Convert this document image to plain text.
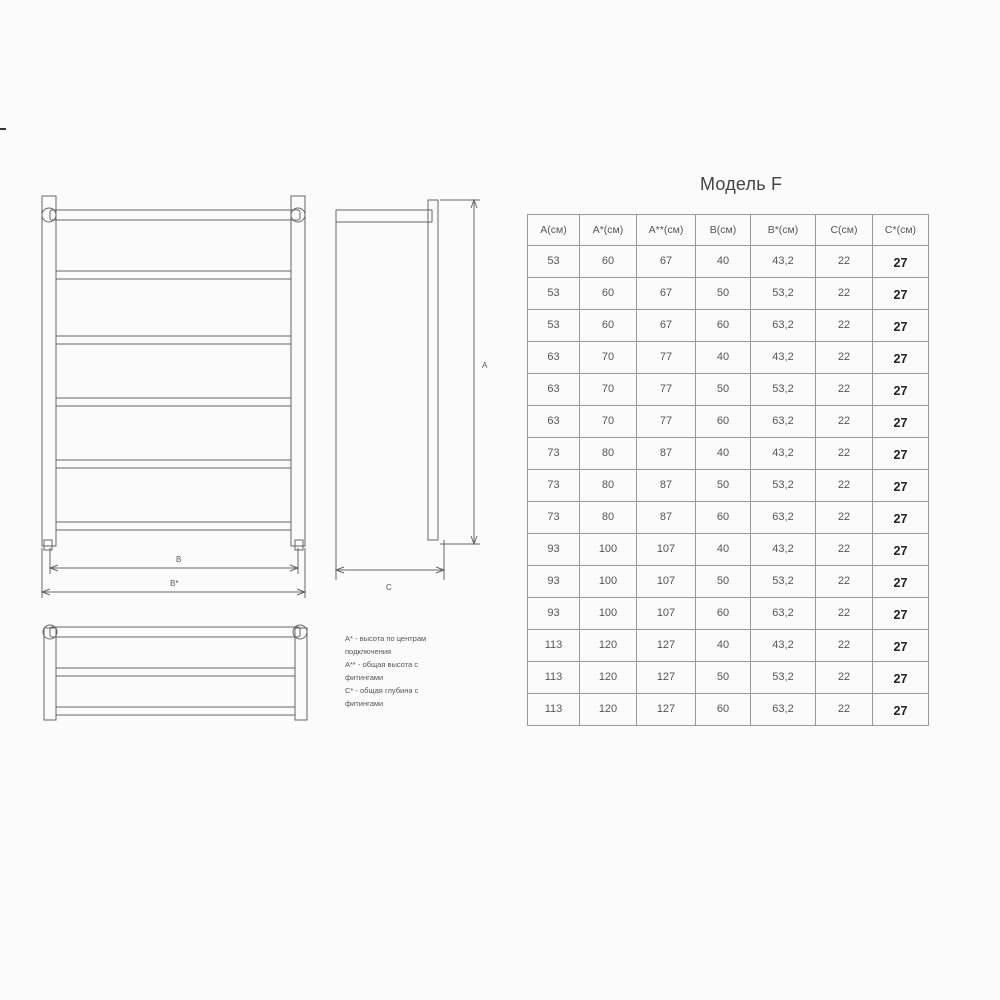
B
B*
A
C
А* - высота по центрам
подключения
А** - общая высота с
фитингами
С* - общая глубина с
фитингами
Модель F
А(см)	А*(см)	А**(см)	В(см)	В*(см)	С(см)	С*(см)
53	60	67	40	43,2	22	27
53	60	67	50	53,2	22	27
53	60	67	60	63,2	22	27
63	70	77	40	43,2	22	27
63	70	77	50	53,2	22	27
63	70	77	60	63,2	22	27
73	80	87	40	43,2	22	27
73	80	87	50	53,2	22	27
73	80	87	60	63,2	22	27
93	100	107	40	43,2	22	27
93	100	107	50	53,2	22	27
93	100	107	60	63,2	22	27
113	120	127	40	43,2	22	27
113	120	127	50	53,2	22	27
113	120	127	60	63,2	22	27
